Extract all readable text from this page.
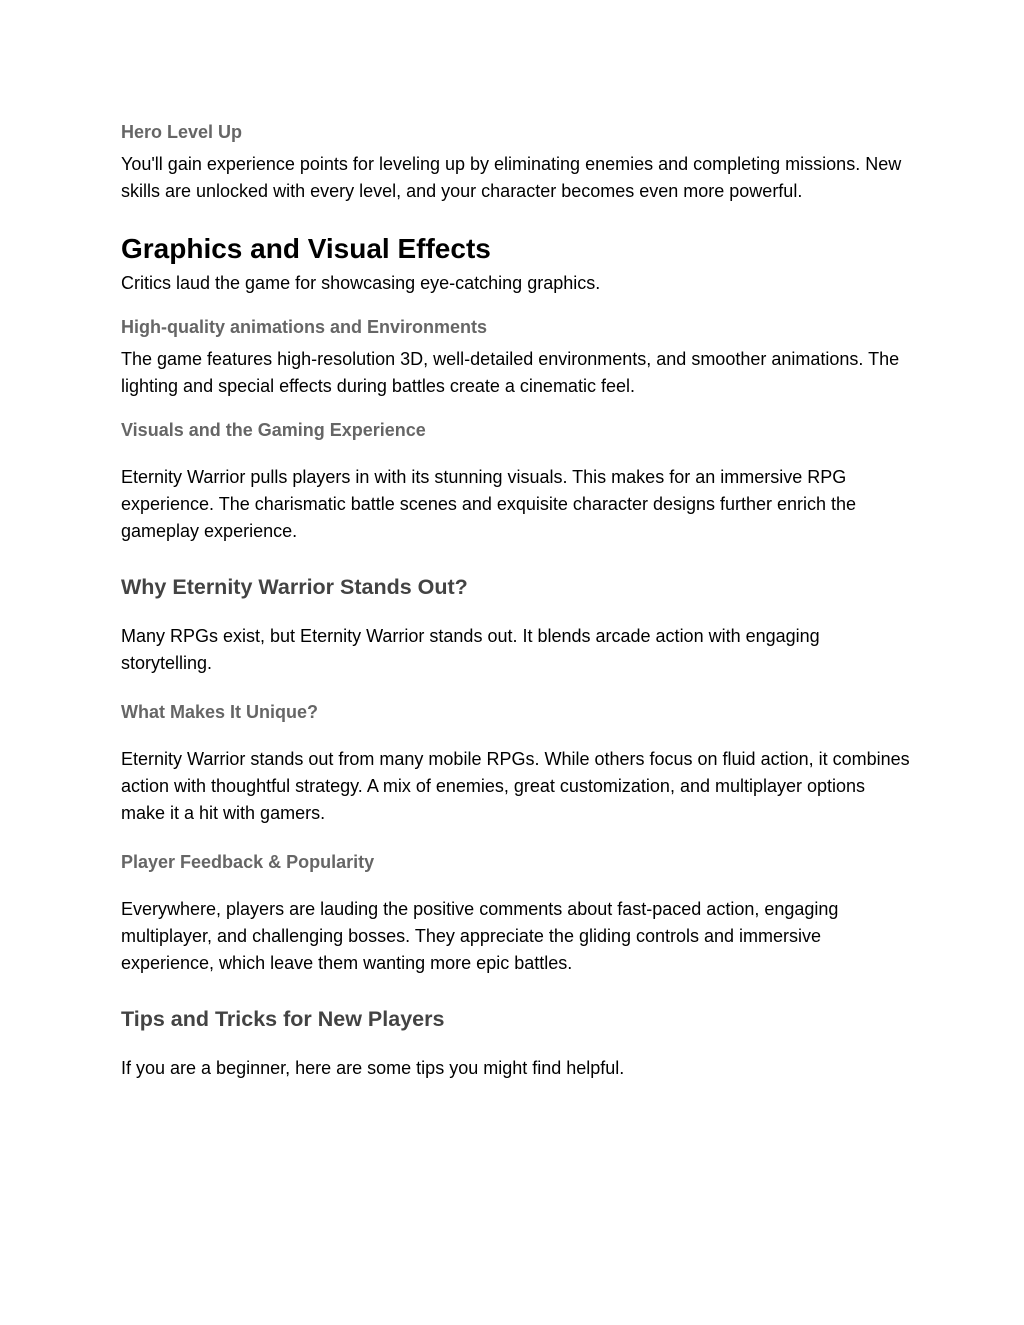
Hero Level Up

You'll gain experience points for leveling up by eliminating enemies and completing missions. New skills are unlocked with every level, and your character becomes even more powerful.

Graphics and Visual Effects

Critics laud the game for showcasing eye-catching graphics.

High-quality animations and Environments

The game features high-resolution 3D, well-detailed environments, and smoother animations. The lighting and special effects during battles create a cinematic feel.

Visuals and the Gaming Experience

Eternity Warrior pulls players in with its stunning visuals. This makes for an immersive RPG experience. The charismatic battle scenes and exquisite character designs further enrich the gameplay experience.

Why Eternity Warrior Stands Out?

Many RPGs exist, but Eternity Warrior stands out. It blends arcade action with engaging storytelling.

What Makes It Unique?

Eternity Warrior stands out from many mobile RPGs. While others focus on fluid action, it combines action with thoughtful strategy. A mix of enemies, great customization, and multiplayer options make it a hit with gamers.

Player Feedback & Popularity

Everywhere, players are lauding the positive comments about fast-paced action, engaging multiplayer, and challenging bosses. They appreciate the gliding controls and immersive experience, which leave them wanting more epic battles.

Tips and Tricks for New Players

If you are a beginner, here are some tips you might find helpful.
